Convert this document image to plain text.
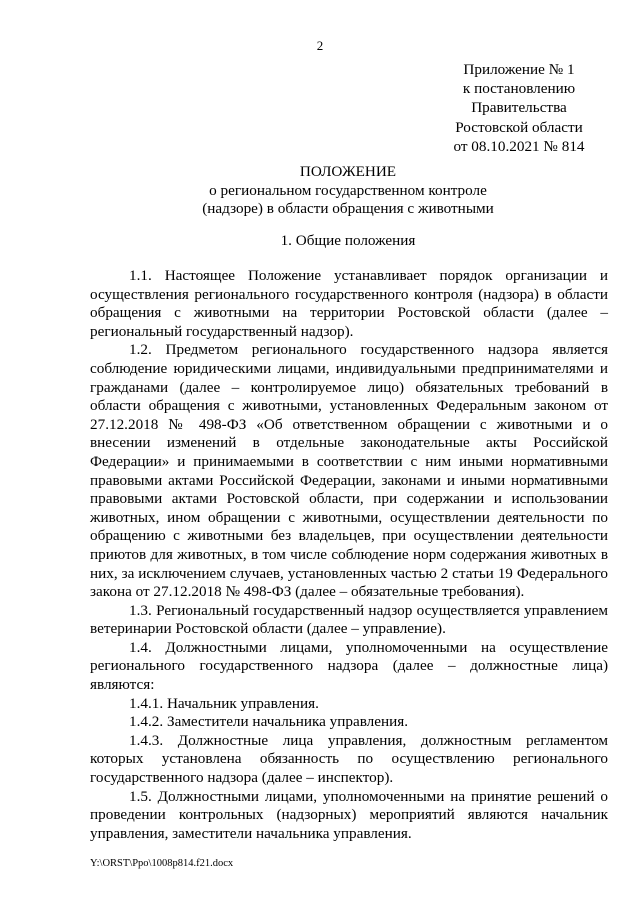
2
Приложение № 1
к постановлению
Правительства
Ростовской области
от 08.10.2021 № 814
ПОЛОЖЕНИЕ
о региональном государственном контроле
(надзоре) в области обращения с животными
1. Общие положения

1.1. Настоящее Положение устанавливает порядок организации и осуществления регионального государственного контроля (надзора) в области обращения с животными на территории Ростовской области (далее – региональный государственный надзор).

1.2. Предметом регионального государственного надзора является соблюдение юридическими лицами, индивидуальными предпринимателями и гражданами (далее – контролируемое лицо) обязательных требований в области обращения с животными, установленных Федеральным законом от 27.12.2018 № 498-ФЗ «Об ответственном обращении с животными и о внесении изменений в отдельные законодательные акты Российской Федерации» и принимаемыми в соответствии с ним иными нормативными правовыми актами Российской Федерации, законами и иными нормативными правовыми актами Ростовской области, при содержании и использовании животных, ином обращении с животными, осуществлении деятельности по обращению с животными без владельцев, при осуществлении деятельности приютов для животных, в том числе соблюдение норм содержания животных в них, за исключением случаев, установленных частью 2 статьи 19 Федерального закона от 27.12.2018 № 498-ФЗ (далее – обязательные требования).

1.3. Региональный государственный надзор осуществляется управлением ветеринарии Ростовской области (далее – управление).

1.4. Должностными лицами, уполномоченными на осуществление регионального государственного надзора (далее – должностные лица) являются:

1.4.1. Начальник управления.

1.4.2. Заместители начальника управления.

1.4.3. Должностные лица управления, должностным регламентом которых установлена обязанность по осуществлению регионального государственного надзора (далее – инспектор).

1.5. Должностными лицами, уполномоченными на принятие решений о проведении контрольных (надзорных) мероприятий являются начальник управления, заместители начальника управления.

Y:\ORST\Ppo\1008p814.f21.docx
